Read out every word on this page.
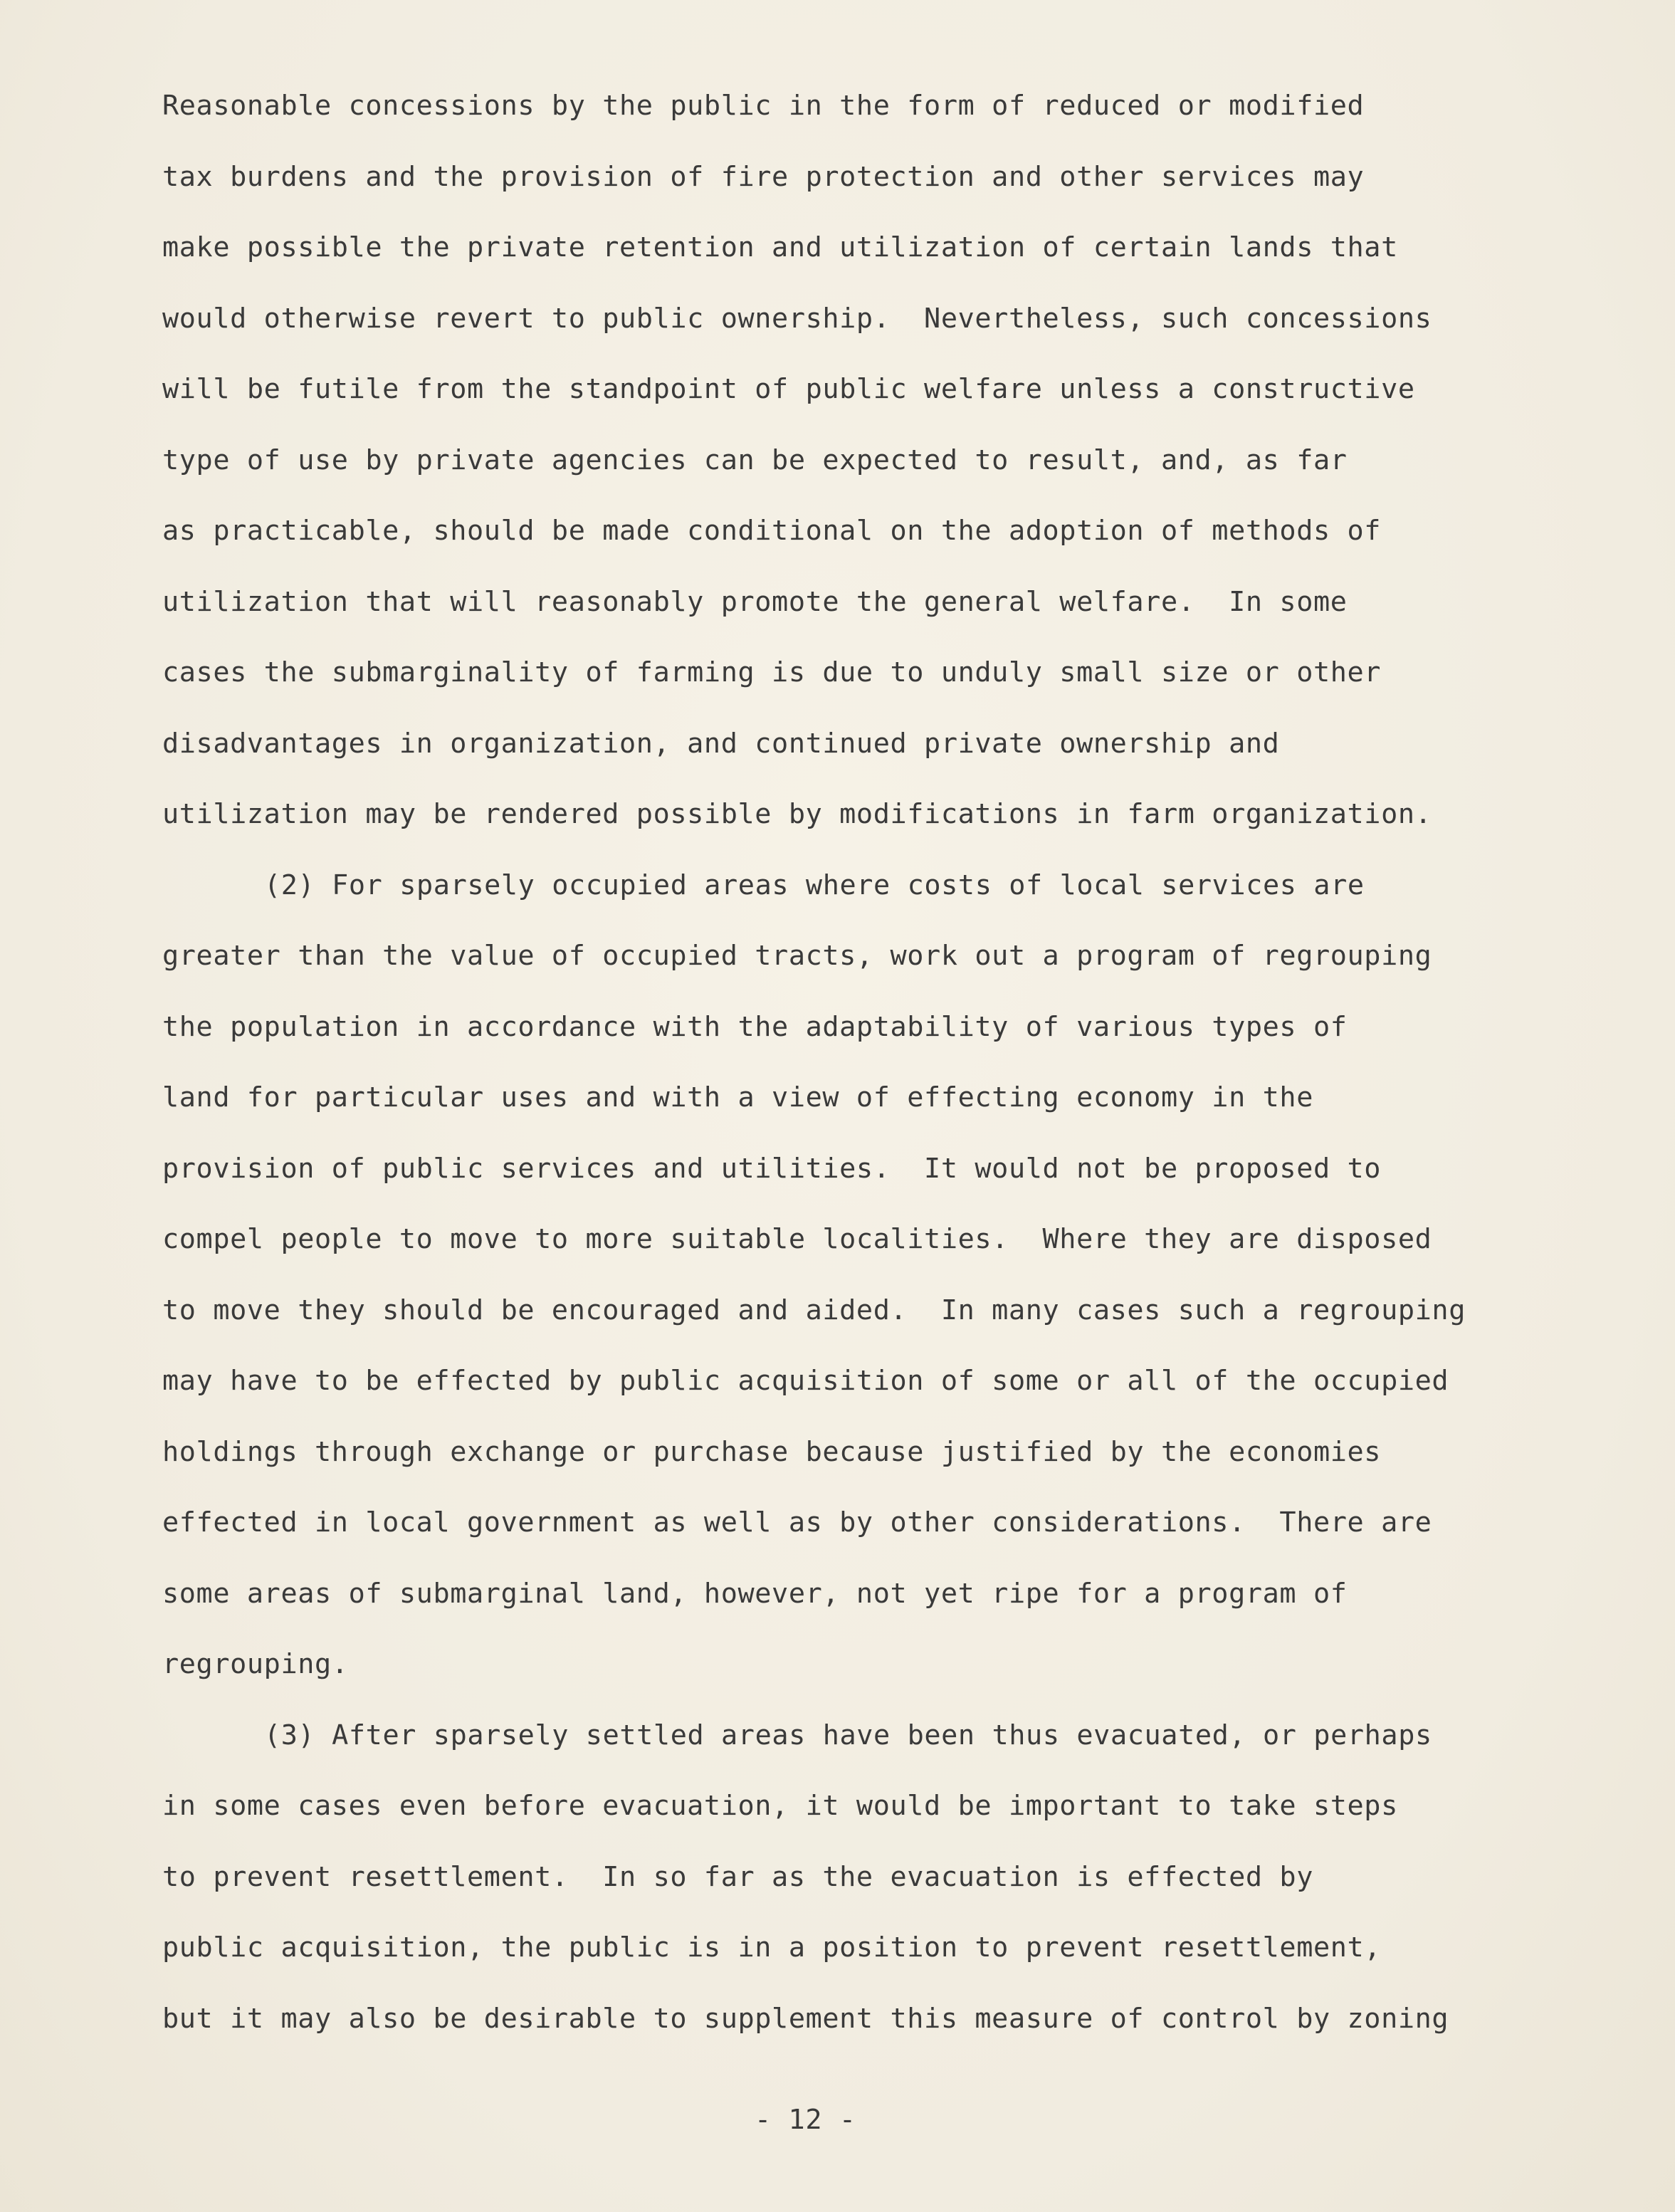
Reasonable concessions by the public in the form of reduced or modified
tax burdens and the provision of fire protection and other services may
make possible the private retention and utilization of certain lands that
would otherwise revert to public ownership.  Nevertheless, such concessions
will be futile from the standpoint of public welfare unless a constructive
type of use by private agencies can be expected to result, and, as far
as practicable, should be made conditional on the adoption of methods of
utilization that will reasonably promote the general welfare.  In some
cases the submarginality of farming is due to unduly small size or other
disadvantages in organization, and continued private ownership and
utilization may be rendered possible by modifications in farm organization.
(2) For sparsely occupied areas where costs of local services are
greater than the value of occupied tracts, work out a program of regrouping
the population in accordance with the adaptability of various types of
land for particular uses and with a view of effecting economy in the
provision of public services and utilities.  It would not be proposed to
compel people to move to more suitable localities.  Where they are disposed
to move they should be encouraged and aided.  In many cases such a regrouping
may have to be effected by public acquisition of some or all of the occupied
holdings through exchange or purchase because justified by the economies
effected in local government as well as by other considerations.  There are
some areas of submarginal land, however, not yet ripe for a program of
regrouping.
(3) After sparsely settled areas have been thus evacuated, or perhaps
in some cases even before evacuation, it would be important to take steps
to prevent resettlement.  In so far as the evacuation is effected by
public acquisition, the public is in a position to prevent resettlement,
but it may also be desirable to supplement this measure of control by zoning
- 12 -
